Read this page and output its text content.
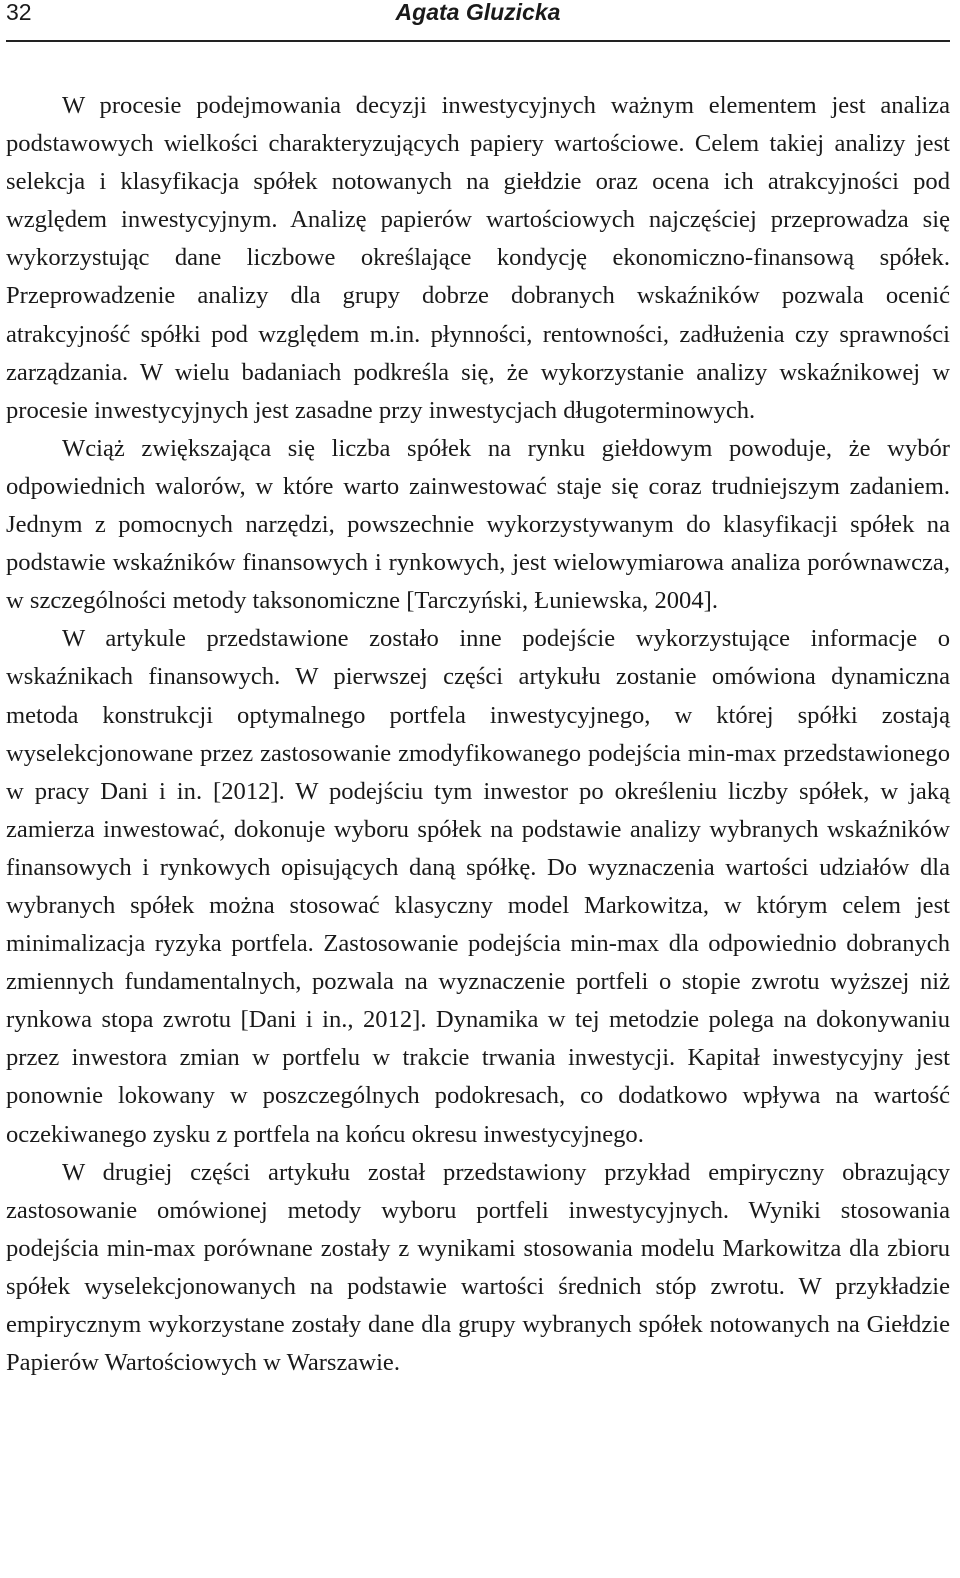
32	Agata Gluzicka

W procesie podejmowania decyzji inwestycyjnych ważnym elementem jest analiza podstawowych wielkości charakteryzujących papiery wartościowe. Celem takiej analizy jest selekcja i klasyfikacja spółek notowanych na giełdzie oraz ocena ich atrakcyjności pod względem inwestycyjnym. Analizę papierów wartościowych najczęściej przeprowadza się wykorzystując dane liczbowe określające kondycję ekonomiczno-finansową spółek. Przeprowadzenie analizy dla grupy dobrze dobranych wskaźników pozwala ocenić atrakcyjność spółki pod względem m.in. płynności, rentowności, zadłużenia czy sprawności zarządzania. W wielu badaniach podkreśla się, że wykorzystanie analizy wskaźnikowej w procesie inwestycyjnych jest zasadne przy inwestycjach długoterminowych.

Wciąż zwiększająca się liczba spółek na rynku giełdowym powoduje, że wybór odpowiednich walorów, w które warto zainwestować staje się coraz trudniejszym zadaniem. Jednym z pomocnych narzędzi, powszechnie wykorzystywanym do klasyfikacji spółek na podstawie wskaźników finansowych i rynkowych, jest wielowymiarowa analiza porównawcza, w szczególności metody taksonomiczne [Tarczyński, Łuniewska, 2004].

W artykule przedstawione zostało inne podejście wykorzystujące informacje o wskaźnikach finansowych. W pierwszej części artykułu zostanie omówiona dynamiczna metoda konstrukcji optymalnego portfela inwestycyjnego, w której spółki zostają wyselekcjonowane przez zastosowanie zmodyfikowanego podejścia min-max przedstawionego w pracy Dani i in. [2012]. W podejściu tym inwestor po określeniu liczby spółek, w jaką zamierza inwestować, dokonuje wyboru spółek na podstawie analizy wybranych wskaźników finansowych i rynkowych opisujących daną spółkę. Do wyznaczenia wartości udziałów dla wybranych spółek można stosować klasyczny model Markowitza, w którym celem jest minimalizacja ryzyka portfela. Zastosowanie podejścia min-max dla odpowiednio dobranych zmiennych fundamentalnych, pozwala na wyznaczenie portfeli o stopie zwrotu wyższej niż rynkowa stopa zwrotu [Dani i in., 2012]. Dynamika w tej metodzie polega na dokonywaniu przez inwestora zmian w portfelu w trakcie trwania inwestycji. Kapitał inwestycyjny jest ponownie lokowany w poszczególnych podokresach, co dodatkowo wpływa na wartość oczekiwanego zysku z portfela na końcu okresu inwestycyjnego.

W drugiej części artykułu został przedstawiony przykład empiryczny obrazujący zastosowanie omówionej metody wyboru portfeli inwestycyjnych. Wyniki stosowania podejścia min-max porównane zostały z wynikami stosowania modelu Markowitza dla zbioru spółek wyselekcjonowanych na podstawie wartości średnich stóp zwrotu. W przykładzie empirycznym wykorzystane zostały dane dla grupy wybranych spółek notowanych na Giełdzie Papierów Wartościowych w Warszawie.
